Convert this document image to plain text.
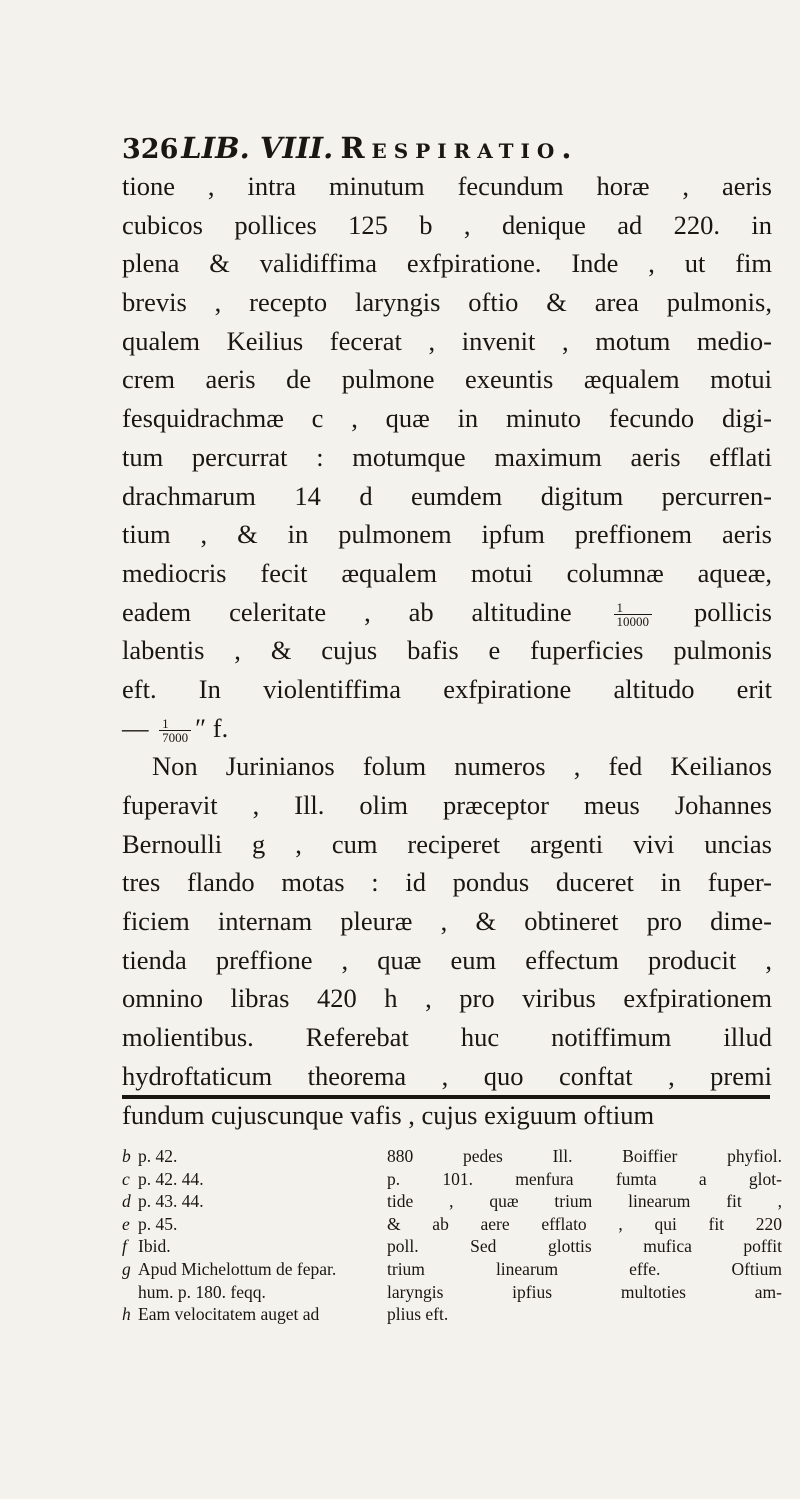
326 LIB. VIII. Respiratio.
tione , intra minutum fecundum horæ , aeris
cubicos pollices 125 b , denique ad 220. in
plena & validiffima exfpiratione. Inde , ut fim
brevis , recepto laryngis oftio & area pulmonis,
qualem Keilius fecerat , invenit , motum medio-
crem aeris de pulmone exeuntis æqualem motui
fesquidrachmæ c , quæ in minuto fecundo digi-
tum percurrat : motumque maximum aeris efflati
drachmarum 14 d eumdem digitum percurren-
tium , & in pulmonem ipfum preffionem aeris
mediocris fecit æqualem motui columnæ aqueæ,
eadem celeritate , ab altitudine	$\frac{1}{10000}$ pollicis
labentis , & cujus bafis e fuperficies pulmonis
eft. In violentiffima exfpiratione altitudo erit
— $\frac{1}{7000}$ ″ f.
Non Jurinianos folum numeros , fed Keilianos
fuperavit , Ill. olim præceptor meus Johannes
Bernoulli g , cum reciperet argenti vivi uncias
tres flando motas : id pondus duceret in fuper-
ficiem internam pleuræ , & obtineret pro dime-
tienda preffione , quæ eum effectum producit ,
omnino libras 420 h , pro viribus exfpirationem
molientibus. Referebat huc notiffimum illud
hydroftaticum theorema , quo conftat , premi
fundum cujuscunque vafis , cujus exiguum oftium
b p. 42.
c p. 42. 44.
d p. 43. 44.
e p. 45.
f Ibid.
g Apud Michelottum de fepar.
hum. p. 180. feqq.
h Eam velocitatem auget ad
880 pedes Ill. Boiffier phyfiol.
p. 101. menfura fumta a glot-
tide , quæ trium linearum fit ,
& ab aere efflato , qui fit 220
poll. Sed glottis mufica poffit
trium linearum effe. Oftium
laryngis ipfius multoties am-
plius eft.
